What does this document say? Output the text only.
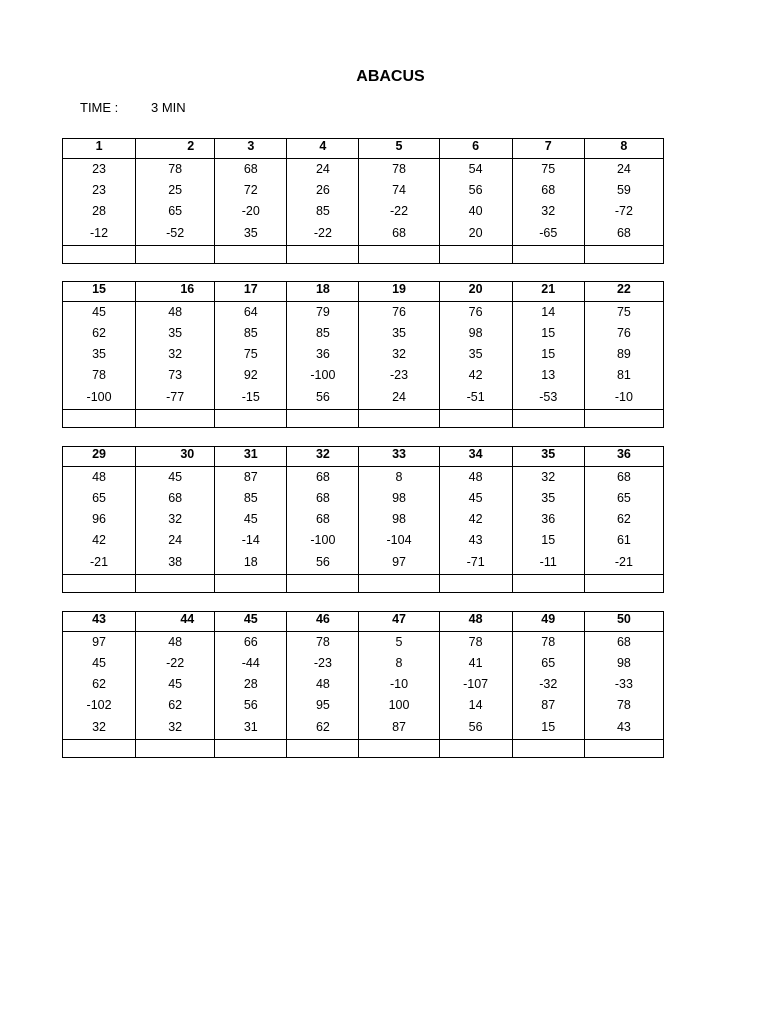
ABACUS
TIME :	3 MIN
1	2	3	4	5	6	7	8
23	78	68	24	78	54	75	24
23	25	72	26	74	56	68	59
28	65	-20	85	-22	40	32	-72
-12	-52	35	-22	68	20	-65	68

15	16	17	18	19	20	21	22
45	48	64	79	76	76	14	75
62	35	85	85	35	98	15	76
35	32	75	36	32	35	15	89
78	73	92	-100	-23	42	13	81
-100	-77	-15	56	24	-51	-53	-10

29	30	31	32	33	34	35	36
48	45	87	68	8	48	32	68
65	68	85	68	98	45	35	65
96	32	45	68	98	42	36	62
42	24	-14	-100	-104	43	15	61
-21	38	18	56	97	-71	-11	-21

43	44	45	46	47	48	49	50
97	48	66	78	5	78	78	68
45	-22	-44	-23	8	41	65	98
62	45	28	48	-10	-107	-32	-33
-102	62	56	95	100	14	87	78
32	32	31	62	87	56	15	43
